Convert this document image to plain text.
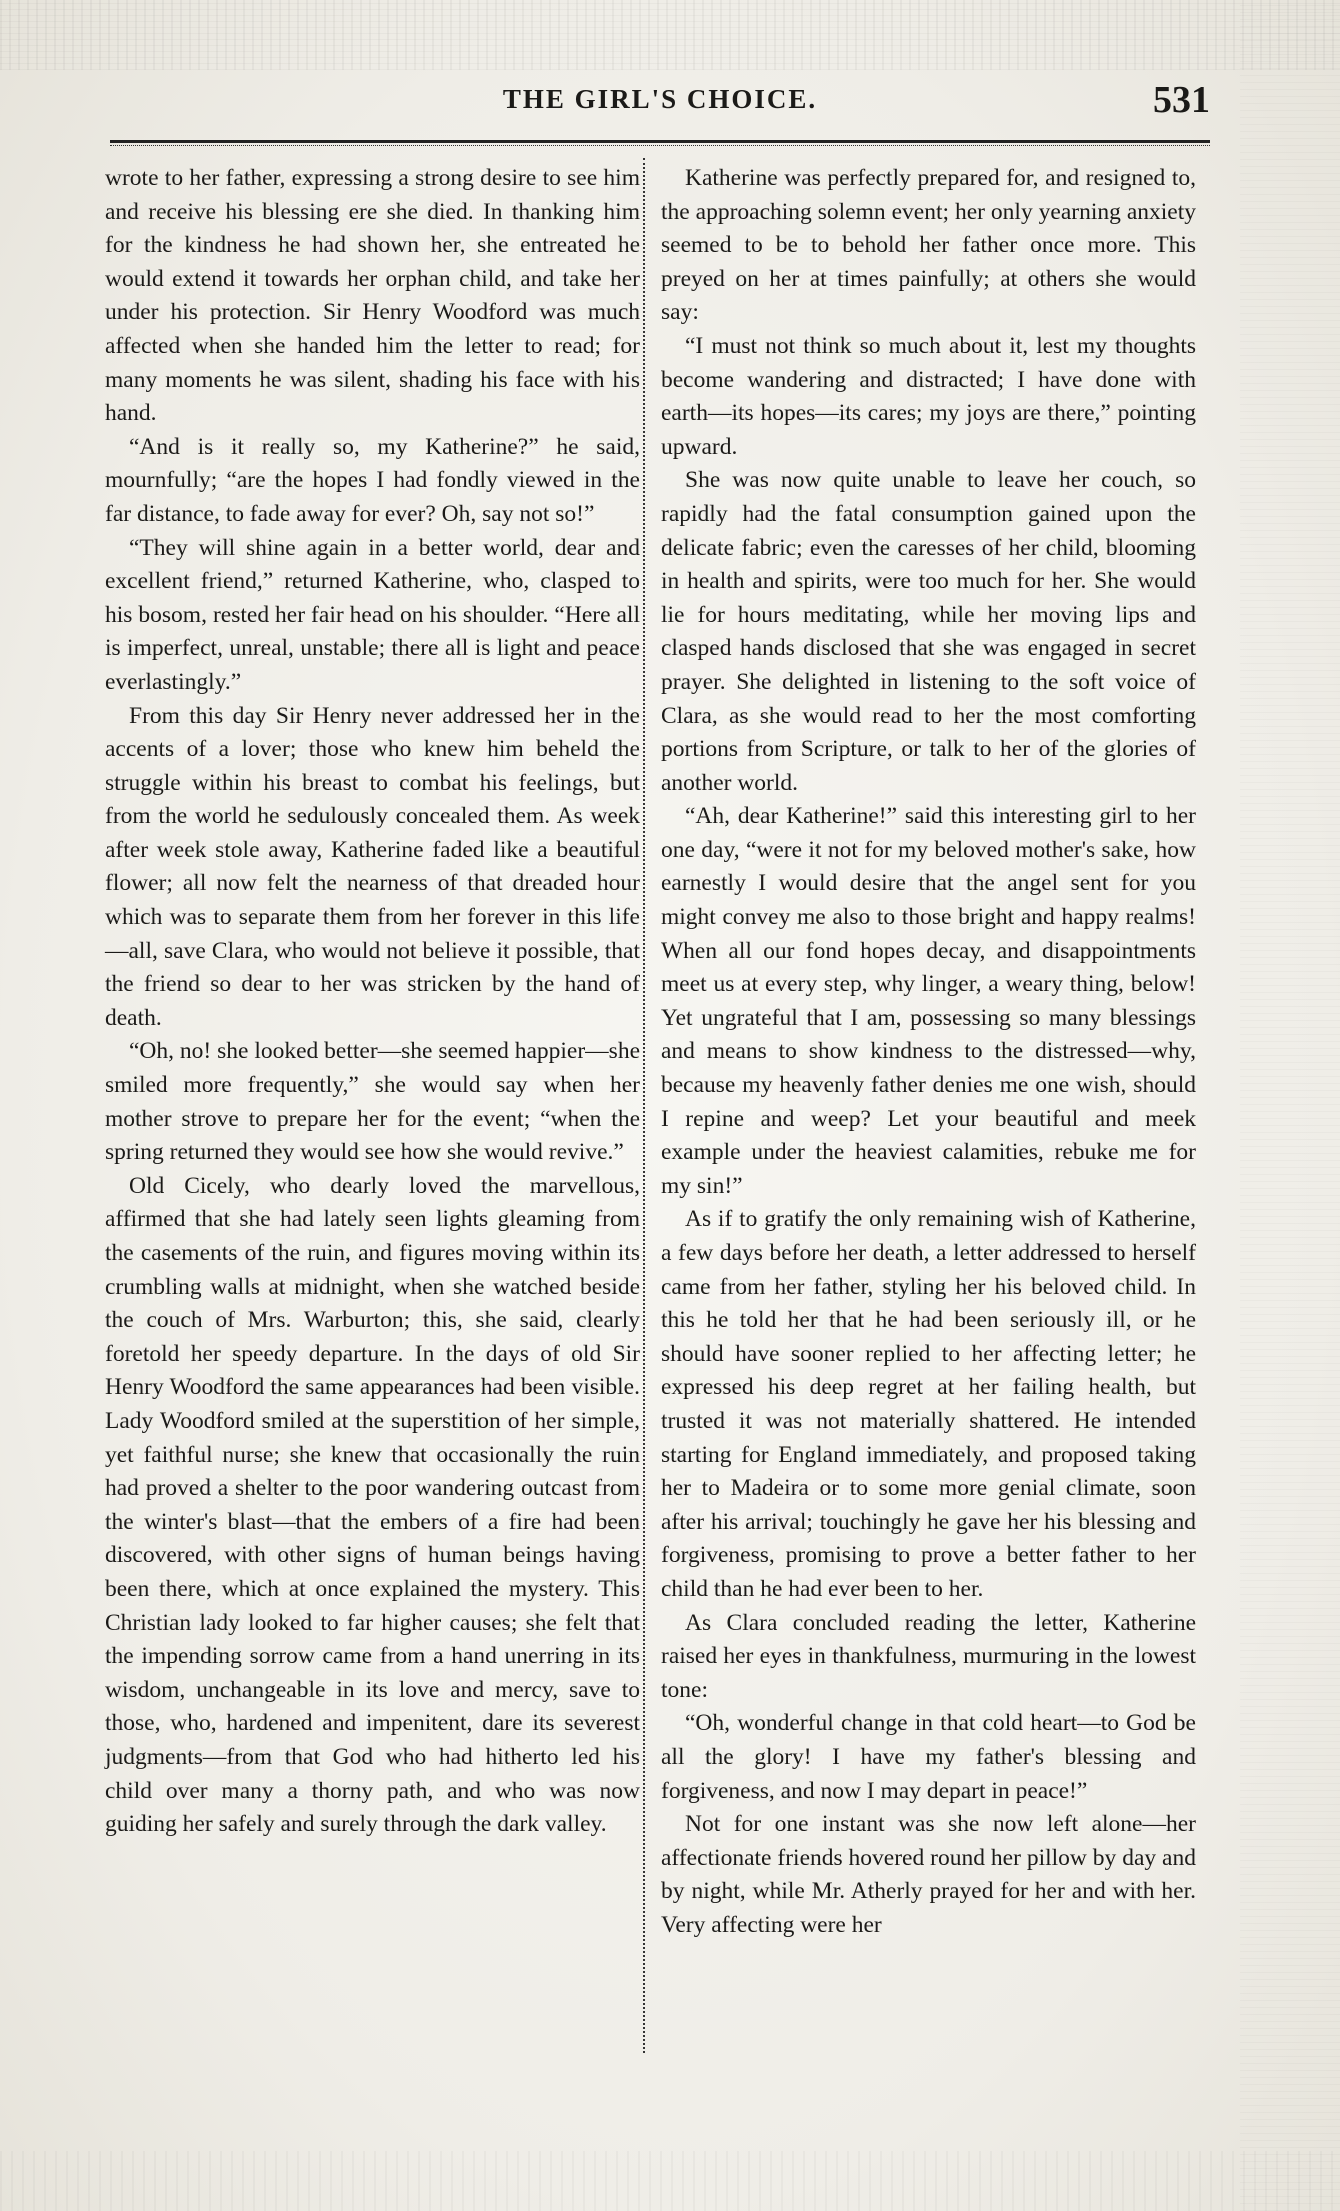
THE GIRL'S CHOICE.	531

wrote to her father, expressing a strong desire to see him and receive his blessing ere she died. In thanking him for the kindness he had shown her, she entreated he would extend it towards her orphan child, and take her under his protection. Sir Henry Woodford was much affected when she handed him the letter to read; for many moments he was silent, shading his face with his hand.

“And is it really so, my Katherine?” he said, mournfully; “are the hopes I had fondly viewed in the far distance, to fade away for ever? Oh, say not so!”

“They will shine again in a better world, dear and excellent friend,” returned Katherine, who, clasped to his bosom, rested her fair head on his shoulder. “Here all is imperfect, unreal, unstable; there all is light and peace everlastingly.”

From this day Sir Henry never addressed her in the accents of a lover; those who knew him beheld the struggle within his breast to combat his feelings, but from the world he sedulously concealed them. As week after week stole away, Katherine faded like a beautiful flower; all now felt the nearness of that dreaded hour which was to separate them from her forever in this life—all, save Clara, who would not believe it possible, that the friend so dear to her was stricken by the hand of death.

“Oh, no! she looked better—she seemed happier—she smiled more frequently,” she would say when her mother strove to prepare her for the event; “when the spring returned they would see how she would revive.”

Old Cicely, who dearly loved the marvellous, affirmed that she had lately seen lights gleaming from the casements of the ruin, and figures moving within its crumbling walls at midnight, when she watched beside the couch of Mrs. Warburton; this, she said, clearly foretold her speedy departure. In the days of old Sir Henry Woodford the same appearances had been visible. Lady Woodford smiled at the superstition of her simple, yet faithful nurse; she knew that occasionally the ruin had proved a shelter to the poor wandering outcast from the winter's blast—that the embers of a fire had been discovered, with other signs of human beings having been there, which at once explained the mystery. This Christian lady looked to far higher causes; she felt that the impending sorrow came from a hand unerring in its wisdom, unchangeable in its love and mercy, save to those, who, hardened and impenitent, dare its severest judgments—from that God who had hitherto led his child over many a thorny path, and who was now guiding her safely and surely through the dark valley.

Katherine was perfectly prepared for, and resigned to, the approaching solemn event; her only yearning anxiety seemed to be to behold her father once more. This preyed on her at times painfully; at others she would say:

“I must not think so much about it, lest my thoughts become wandering and distracted; I have done with earth—its hopes—its cares; my joys are there,” pointing upward.

She was now quite unable to leave her couch, so rapidly had the fatal consumption gained upon the delicate fabric; even the caresses of her child, blooming in health and spirits, were too much for her. She would lie for hours meditating, while her moving lips and clasped hands disclosed that she was engaged in secret prayer. She delighted in listening to the soft voice of Clara, as she would read to her the most comforting portions from Scripture, or talk to her of the glories of another world.

“Ah, dear Katherine!” said this interesting girl to her one day, “were it not for my beloved mother's sake, how earnestly I would desire that the angel sent for you might convey me also to those bright and happy realms! When all our fond hopes decay, and disappointments meet us at every step, why linger, a weary thing, below! Yet ungrateful that I am, possessing so many blessings and means to show kindness to the distressed—why, because my heavenly father denies me one wish, should I repine and weep? Let your beautiful and meek example under the heaviest calamities, rebuke me for my sin!”

As if to gratify the only remaining wish of Katherine, a few days before her death, a letter addressed to herself came from her father, styling her his beloved child. In this he told her that he had been seriously ill, or he should have sooner replied to her affecting letter; he expressed his deep regret at her failing health, but trusted it was not materially shattered. He intended starting for England immediately, and proposed taking her to Madeira or to some more genial climate, soon after his arrival; touchingly he gave her his blessing and forgiveness, promising to prove a better father to her child than he had ever been to her.

As Clara concluded reading the letter, Katherine raised her eyes in thankfulness, murmuring in the lowest tone:

“Oh, wonderful change in that cold heart—to God be all the glory! I have my father's blessing and forgiveness, and now I may depart in peace!”

Not for one instant was she now left alone—her affectionate friends hovered round her pillow by day and by night, while Mr. Atherly prayed for her and with her. Very affecting were her
